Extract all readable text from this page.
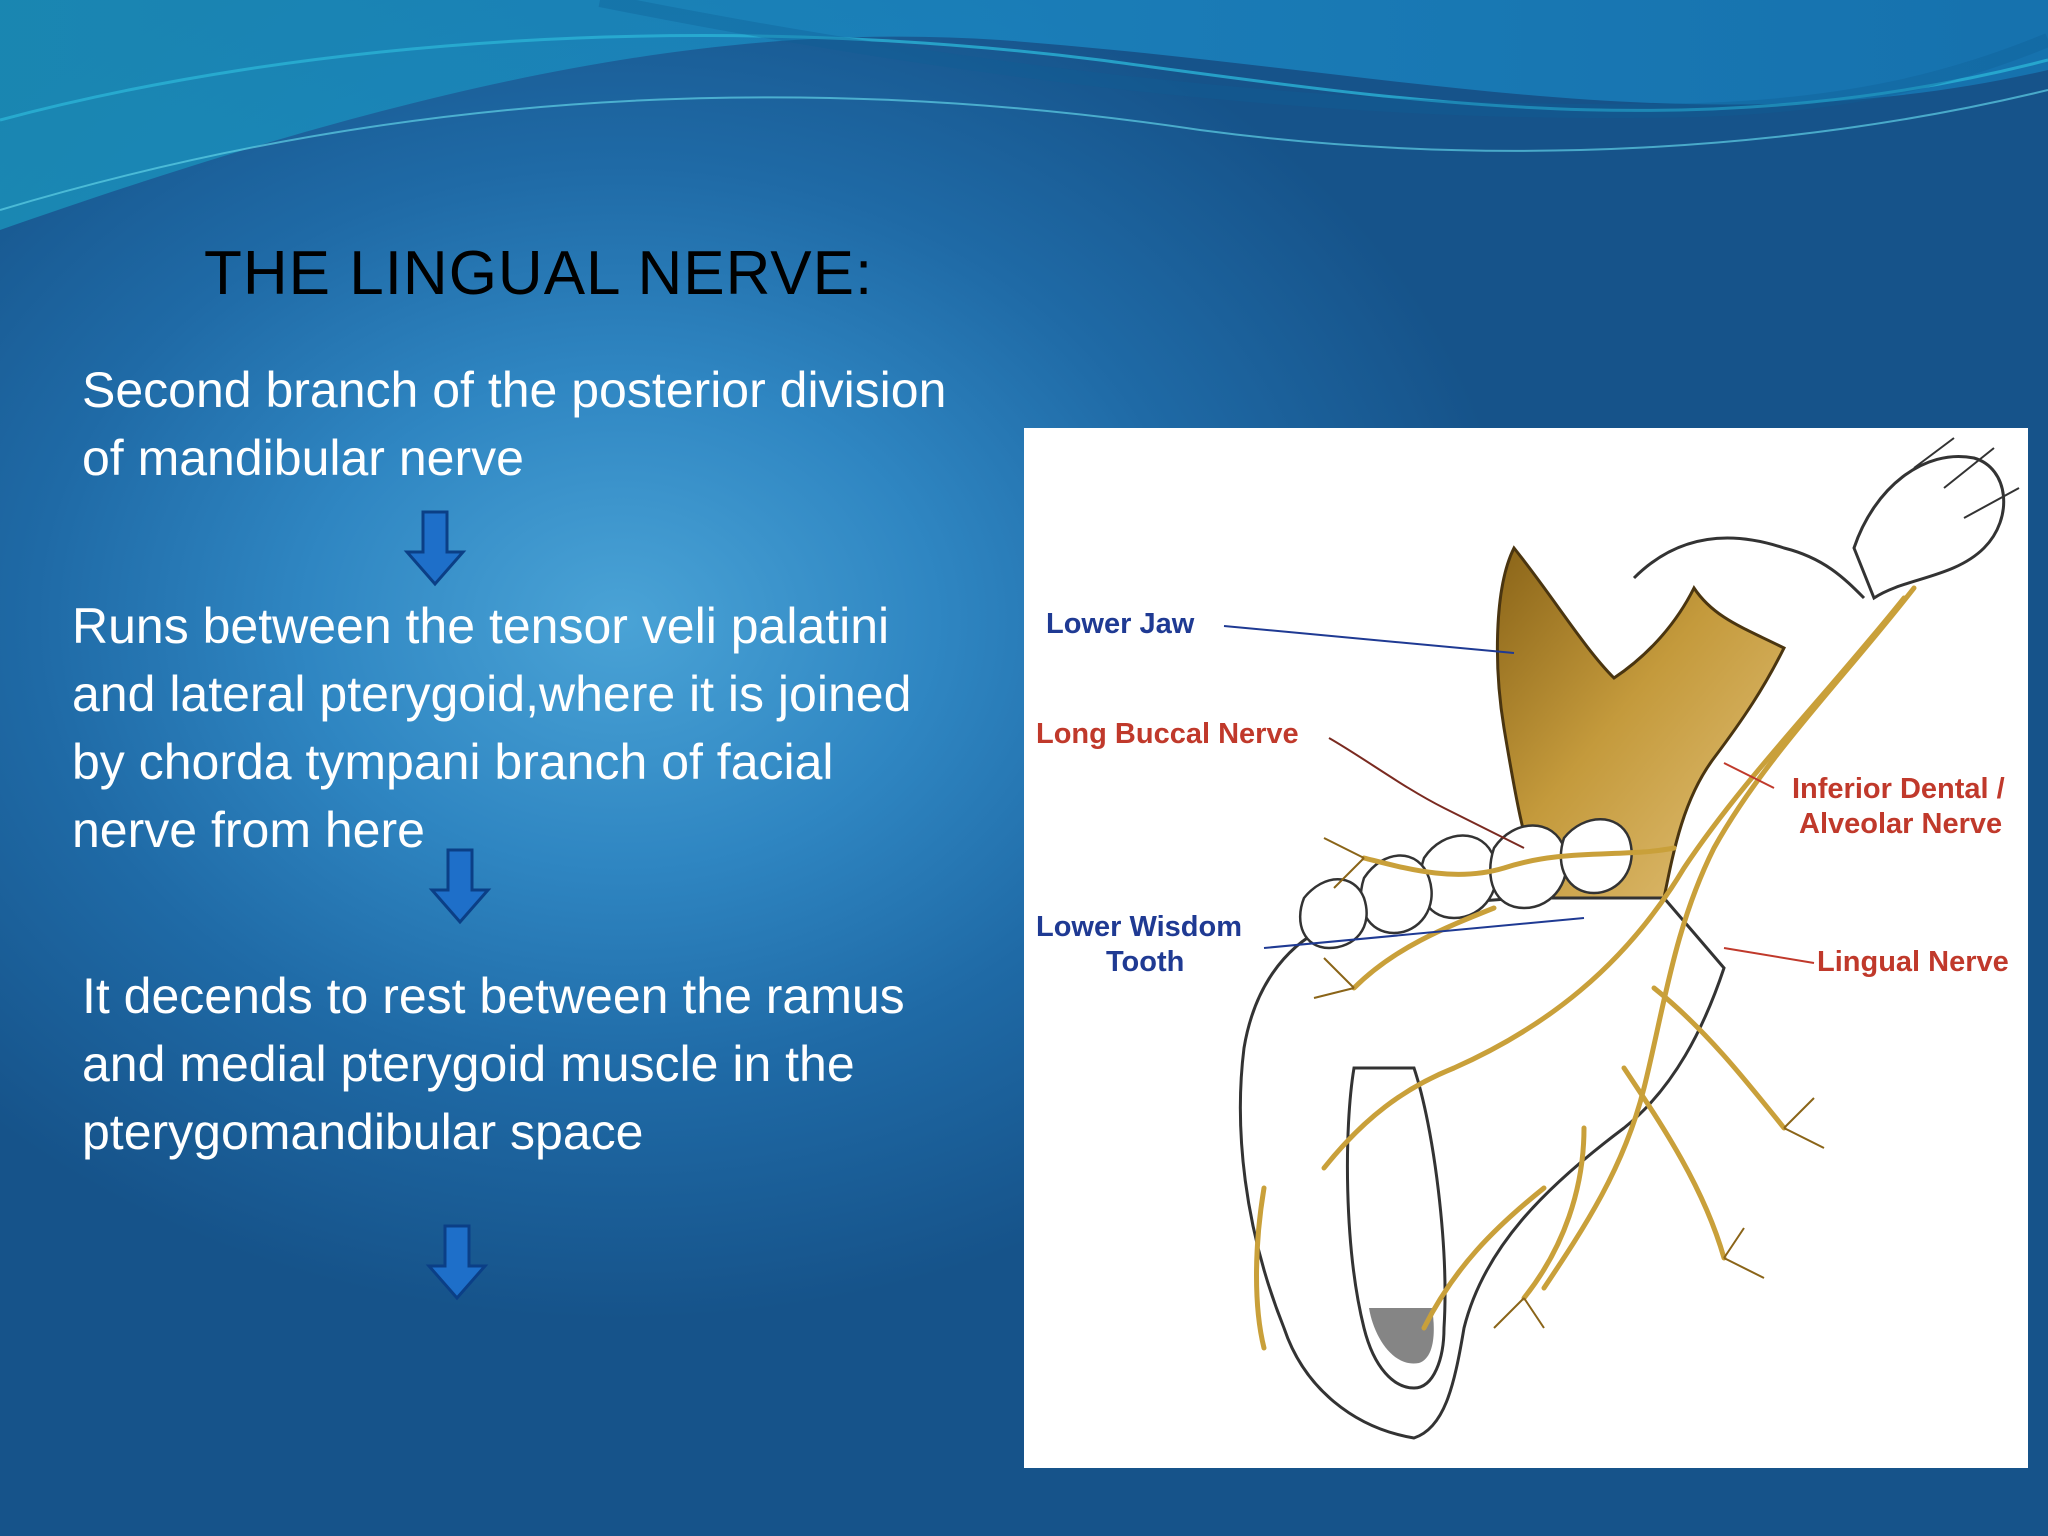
THE LINGUAL NERVE:

Second branch of the posterior division
of mandibular nerve

Runs between the tensor veli palatini
and lateral pterygoid,where it is joined
by chorda tympani branch of facial
nerve from here

It decends to rest between the ramus
and medial pterygoid muscle in the
pterygomandibular space

Lower Jaw
Long Buccal Nerve
Inferior Dental /
Alveolar Nerve
Lower Wisdom
Tooth	Lingual Nerve
